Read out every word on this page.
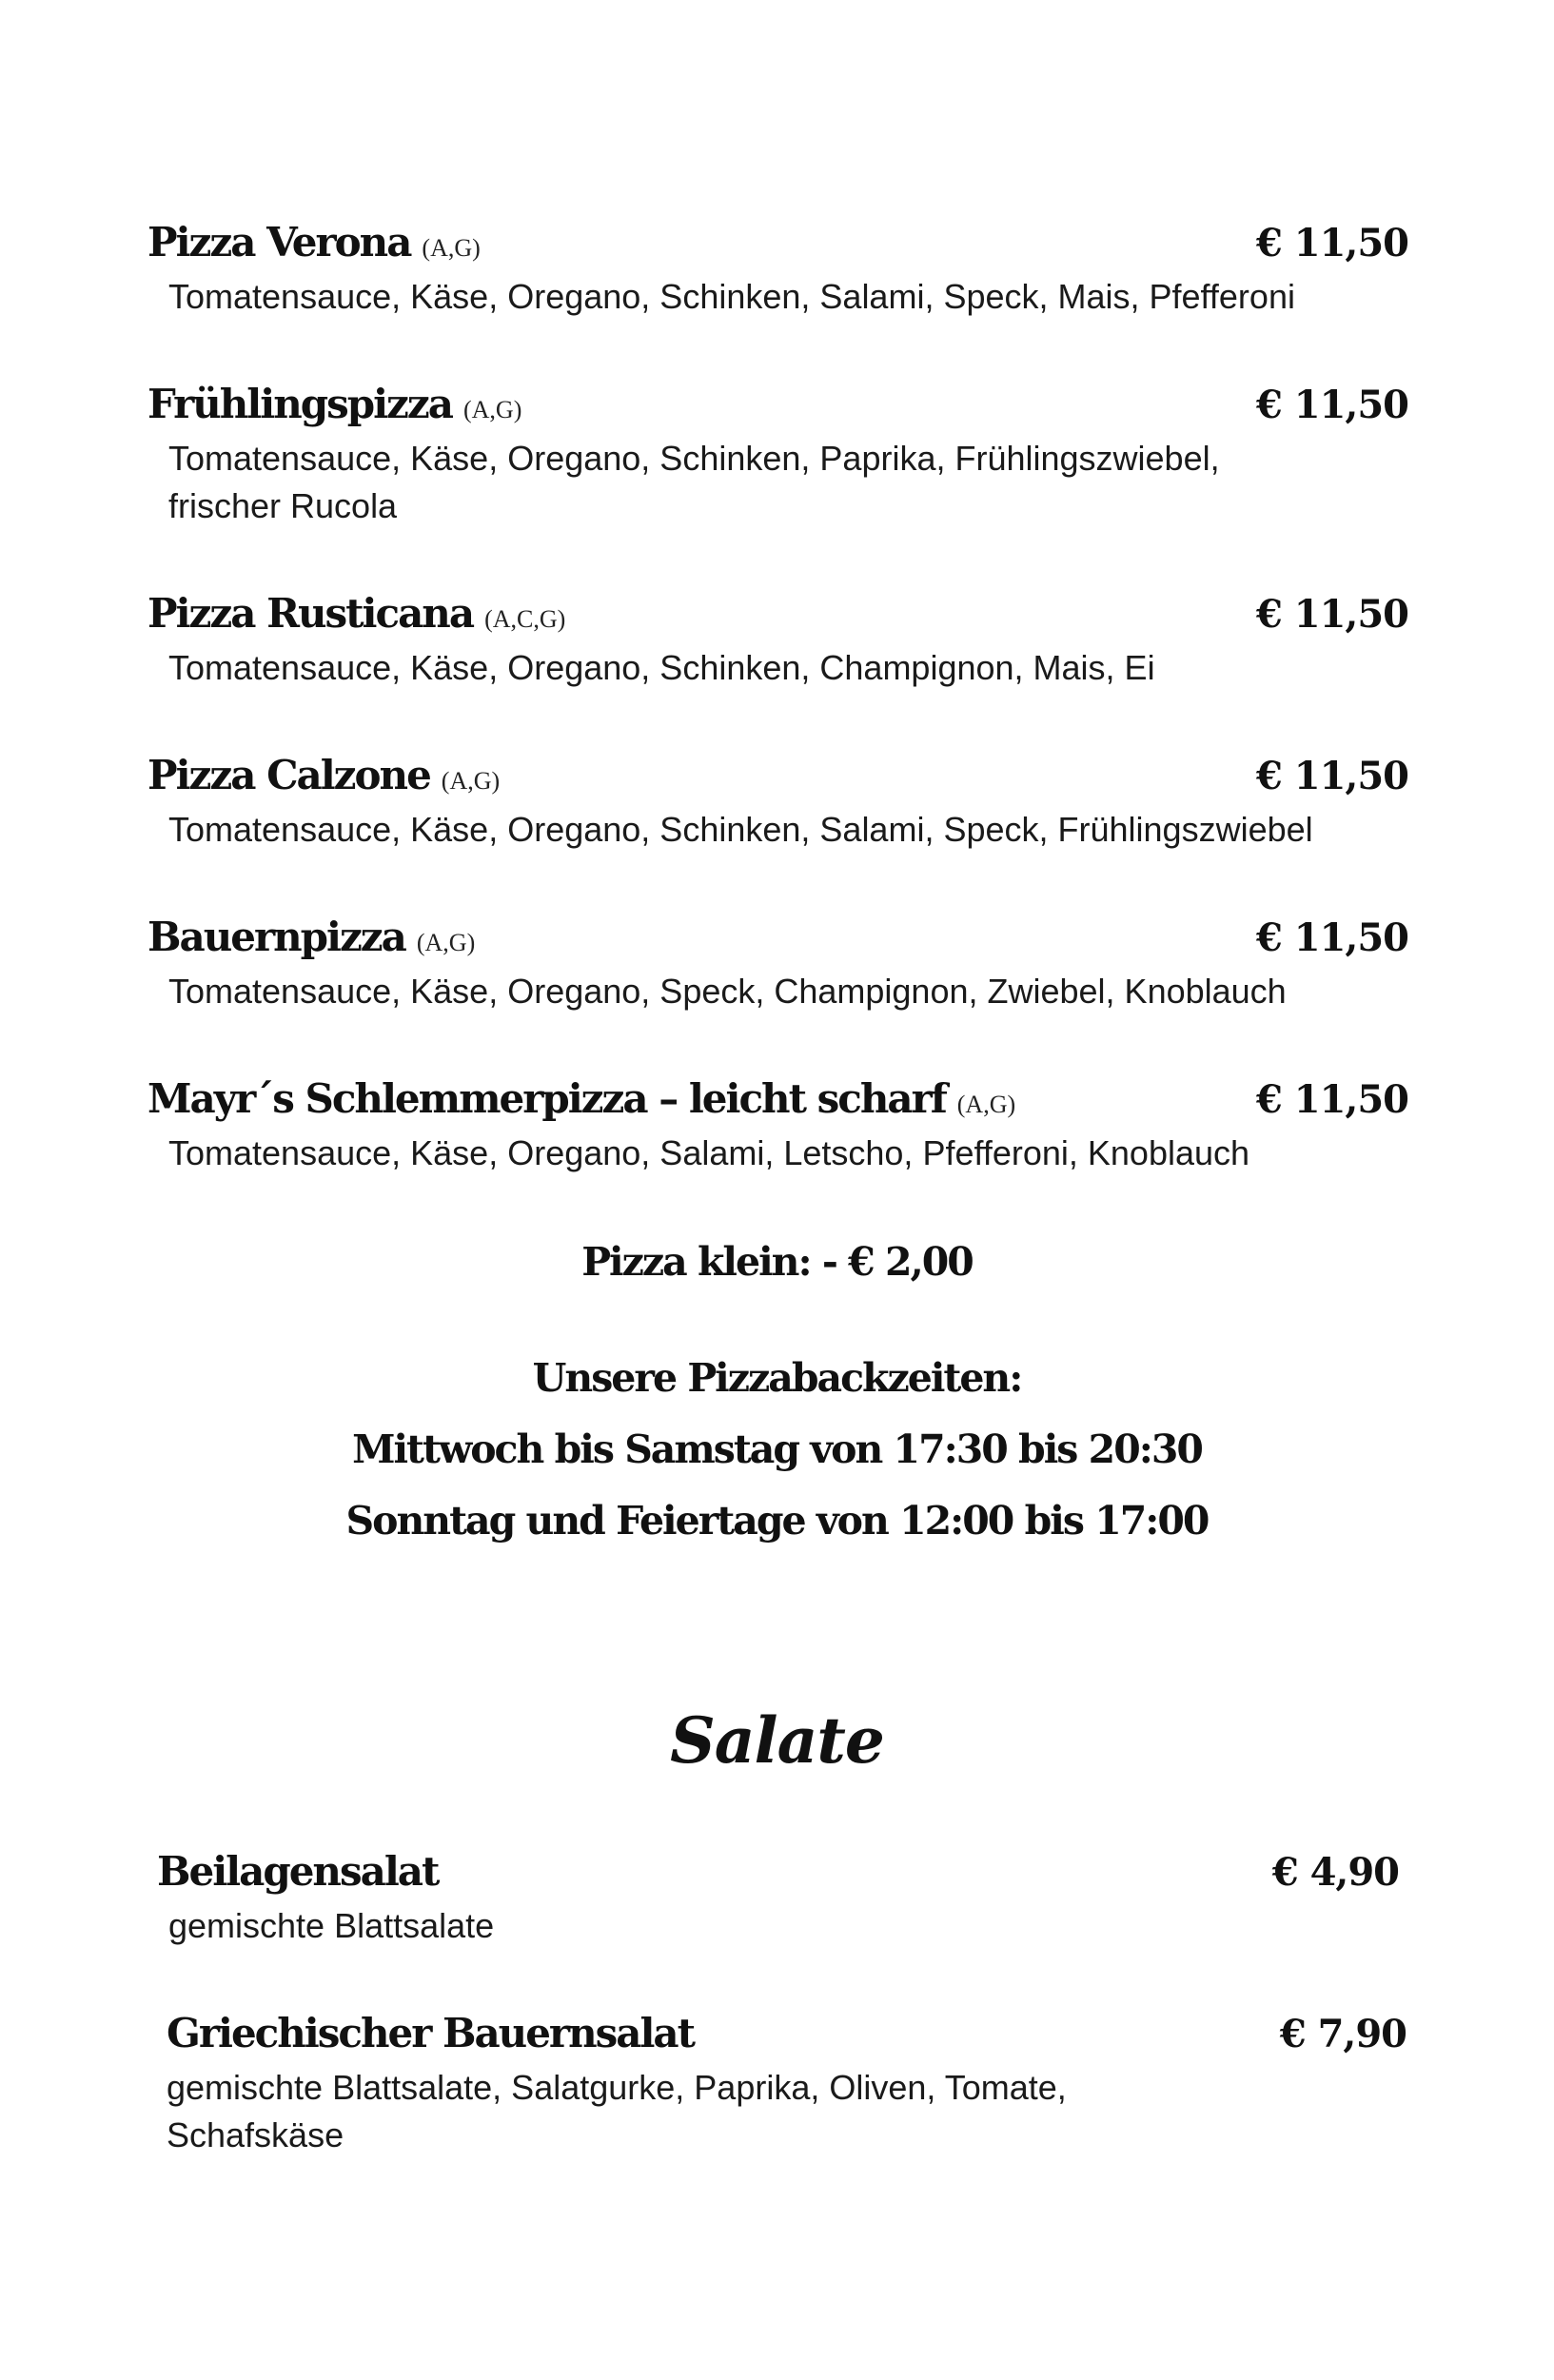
Pizza Verona (A,G)	€ 11,50
Tomatensauce, Käse, Oregano, Schinken, Salami, Speck, Mais, Pfefferoni
Frühlingspizza (A,G)	€ 11,50
Tomatensauce, Käse, Oregano, Schinken, Paprika, Frühlingszwiebel, frischer Rucola
Pizza Rusticana (A,C,G)	€ 11,50
Tomatensauce, Käse, Oregano, Schinken, Champignon, Mais, Ei
Pizza Calzone (A,G)	€ 11,50
Tomatensauce, Käse, Oregano, Schinken, Salami, Speck, Frühlingszwiebel
Bauernpizza (A,G)	€ 11,50
Tomatensauce, Käse, Oregano, Speck, Champignon, Zwiebel, Knoblauch
Mayr´s Schlemmerpizza – leicht scharf (A,G)	€ 11,50
Tomatensauce, Käse, Oregano, Salami, Letscho, Pfefferoni, Knoblauch
Pizza klein: - € 2,00
Unsere Pizzabackzeiten:
Mittwoch bis Samstag von 17:30 bis 20:30
Sonntag und Feiertage von 12:00 bis 17:00
Salate
Beilagensalat	€ 4,90
gemischte Blattsalate
Griechischer Bauernsalat	€ 7,90
gemischte Blattsalate, Salatgurke, Paprika, Oliven, Tomate, Schafskäse
